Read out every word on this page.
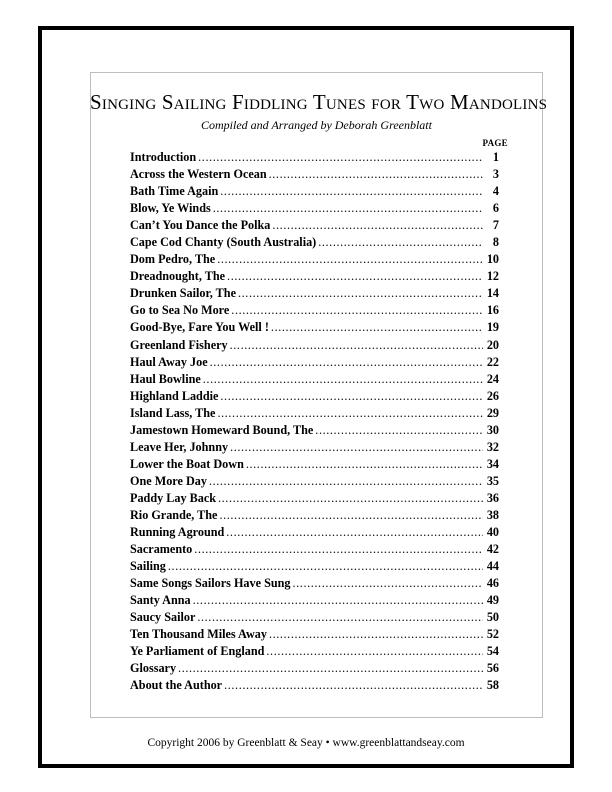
Singing Sailing Fiddling Tunes for Two Mandolins
Compiled and Arranged by Deborah Greenblatt
PAGE
Introduction .....	1
Across the Western Ocean .....	3
Bath Time Again .....	4
Blow, Ye Winds .....	6
Can’t You Dance the Polka .....	7
Cape Cod Chanty (South Australia) .....	8
Dom Pedro, The .....	10
Dreadnought, The .....	12
Drunken Sailor, The .....	14
Go to Sea No More .....	16
Good-Bye, Fare You Well ! .....	19
Greenland Fishery .....	20
Haul Away Joe .....	22
Haul Bowline .....	24
Highland Laddie .....	26
Island Lass, The .....	29
Jamestown Homeward Bound, The .....	30
Leave Her, Johnny .....	32
Lower the Boat Down .....	34
One More Day .....	35
Paddy Lay Back .....	36
Rio Grande, The .....	38
Running Aground .....	40
Sacramento .....	42
Sailing .....	44
Same Songs Sailors Have Sung .....	46
Santy Anna .....	49
Saucy Sailor .....	50
Ten Thousand Miles Away .....	52
Ye Parliament of England .....	54
Glossary .....	56
About the Author .....	58
Copyright 2006 by Greenblatt & Seay • www.greenblattandseay.com
